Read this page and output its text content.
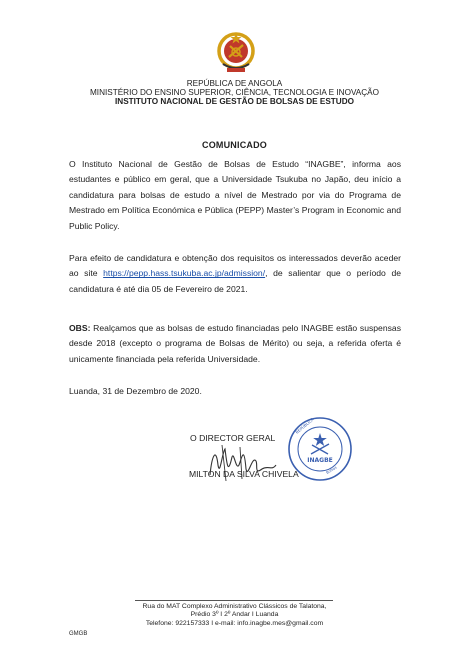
REPÚBLICA DE ANGOLA
MINISTÉRIO DO ENSINO SUPERIOR, CIÊNCIA, TECNOLOGIA E INOVAÇÃO
INSTITUTO NACIONAL DE GESTÃO DE BOLSAS DE ESTUDO
COMUNICADO

O Instituto Nacional de Gestão de Bolsas de Estudo “INAGBE”, informa aos estudantes e público em geral, que a Universidade Tsukuba no Japão, deu início a candidatura para bolsas de estudo a nível de Mestrado por via do Programa de Mestrado em Política Económica e Pública (PEPP) Master’s Program in Economic and Public Policy.

Para efeito de candidatura e obtenção dos requisitos os interessados deverão aceder ao site https://pepp.hass.tsukuba.ac.jp/admission/, de salientar que o período de candidatura é até dia 05 de Fevereiro de 2021.

OBS: Realçamos que as bolsas de estudo financiadas pelo INAGBE estão suspensas desde 2018 (excepto o programa de Bolsas de Mérito) ou seja, a referida oferta é unicamente financiada pela referida Universidade.

Luanda, 31 de Dezembro de 2020.
O DIRECTOR GERAL
MILTON DA SILVA CHIVELA
INAGBE
REPÚBLICA
Bolsas
Rua do MAT Complexo Administrativo Clássicos de Talatona,
Prédio 3º I 2º Andar I Luanda
Telefone: 922157333 I e-mail: info.inagbe.mes@gmail.com
GMGB
